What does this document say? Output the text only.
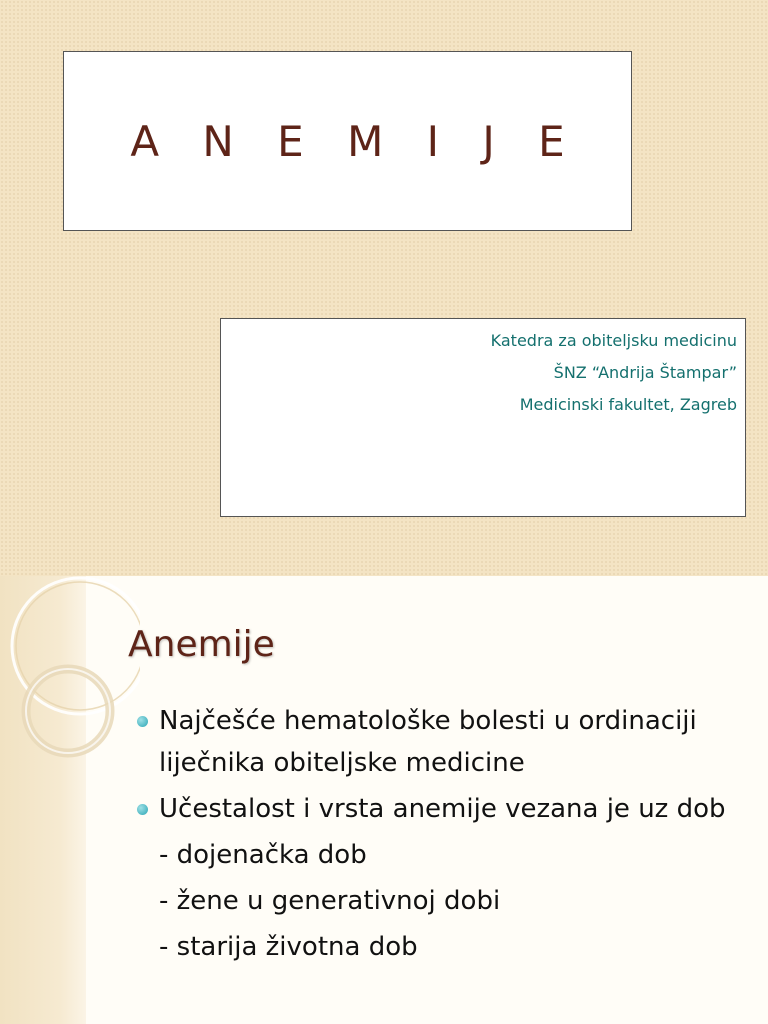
A N E M I J E
Katedra za obiteljsku medicinu
ŠNZ “Andrija Štampar”
Medicinski fakultet, Zagreb
Anemije
Najčešće hematološke bolesti u ordinaciji liječnika obiteljske medicine
Učestalost i vrsta anemije vezana je uz dob
- dojenačka dob
- žene u generativnoj dobi
- starija životna dob
